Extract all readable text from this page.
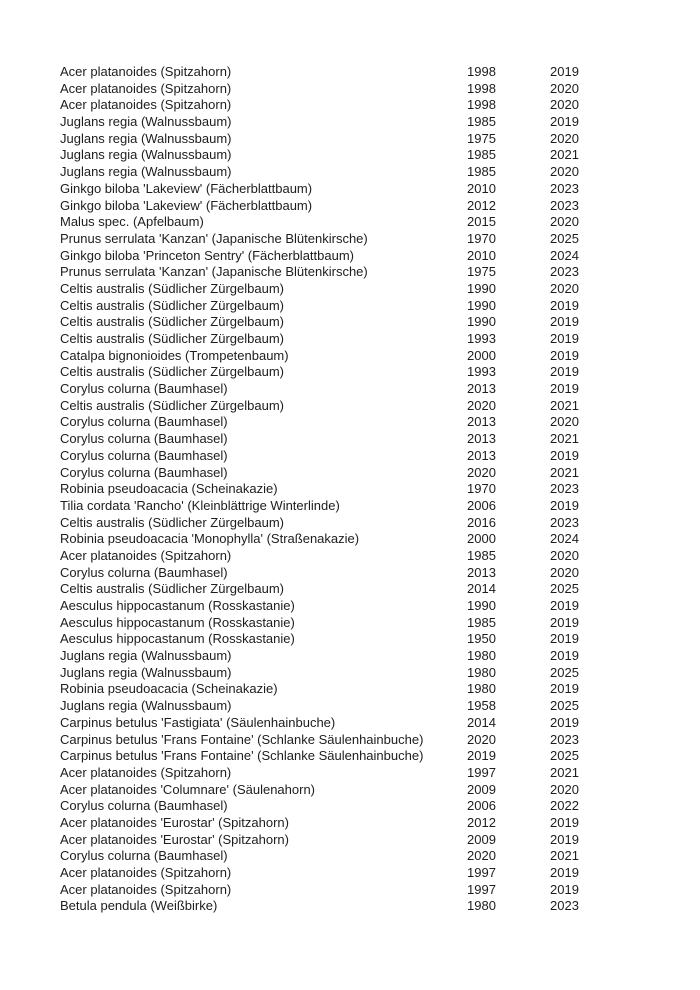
Acer platanoides (Spitzahorn)	1998	2019
Acer platanoides (Spitzahorn)	1998	2020
Acer platanoides (Spitzahorn)	1998	2020
Juglans regia (Walnussbaum)	1985	2019
Juglans regia (Walnussbaum)	1975	2020
Juglans regia (Walnussbaum)	1985	2021
Juglans regia (Walnussbaum)	1985	2020
Ginkgo biloba 'Lakeview' (Fächerblattbaum)	2010	2023
Ginkgo biloba 'Lakeview' (Fächerblattbaum)	2012	2023
Malus spec. (Apfelbaum)	2015	2020
Prunus serrulata 'Kanzan' (Japanische Blütenkirsche)	1970	2025
Ginkgo biloba 'Princeton Sentry' (Fächerblattbaum)	2010	2024
Prunus serrulata 'Kanzan' (Japanische Blütenkirsche)	1975	2023
Celtis australis (Südlicher Zürgelbaum)	1990	2020
Celtis australis (Südlicher Zürgelbaum)	1990	2019
Celtis australis (Südlicher Zürgelbaum)	1990	2019
Celtis australis (Südlicher Zürgelbaum)	1993	2019
Catalpa bignonioides (Trompetenbaum)	2000	2019
Celtis australis (Südlicher Zürgelbaum)	1993	2019
Corylus colurna (Baumhasel)	2013	2019
Celtis australis (Südlicher Zürgelbaum)	2020	2021
Corylus colurna (Baumhasel)	2013	2020
Corylus colurna (Baumhasel)	2013	2021
Corylus colurna (Baumhasel)	2013	2019
Corylus colurna (Baumhasel)	2020	2021
Robinia pseudoacacia (Scheinakazie)	1970	2023
Tilia cordata 'Rancho' (Kleinblättrige Winterlinde)	2006	2019
Celtis australis (Südlicher Zürgelbaum)	2016	2023
Robinia pseudoacacia 'Monophylla' (Straßenakazie)	2000	2024
Acer platanoides (Spitzahorn)	1985	2020
Corylus colurna (Baumhasel)	2013	2020
Celtis australis (Südlicher Zürgelbaum)	2014	2025
Aesculus hippocastanum (Rosskastanie)	1990	2019
Aesculus hippocastanum (Rosskastanie)	1985	2019
Aesculus hippocastanum (Rosskastanie)	1950	2019
Juglans regia (Walnussbaum)	1980	2019
Juglans regia (Walnussbaum)	1980	2025
Robinia pseudoacacia (Scheinakazie)	1980	2019
Juglans regia (Walnussbaum)	1958	2025
Carpinus betulus 'Fastigiata' (Säulenhainbuche)	2014	2019
Carpinus betulus 'Frans Fontaine' (Schlanke Säulenhainbuche)	2020	2023
Carpinus betulus 'Frans Fontaine' (Schlanke Säulenhainbuche)	2019	2025
Acer platanoides (Spitzahorn)	1997	2021
Acer platanoides 'Columnare' (Säulenahorn)	2009	2020
Corylus colurna (Baumhasel)	2006	2022
Acer platanoides 'Eurostar' (Spitzahorn)	2012	2019
Acer platanoides 'Eurostar' (Spitzahorn)	2009	2019
Corylus colurna (Baumhasel)	2020	2021
Acer platanoides (Spitzahorn)	1997	2019
Acer platanoides (Spitzahorn)	1997	2019
Betula pendula (Weißbirke)	1980	2023
